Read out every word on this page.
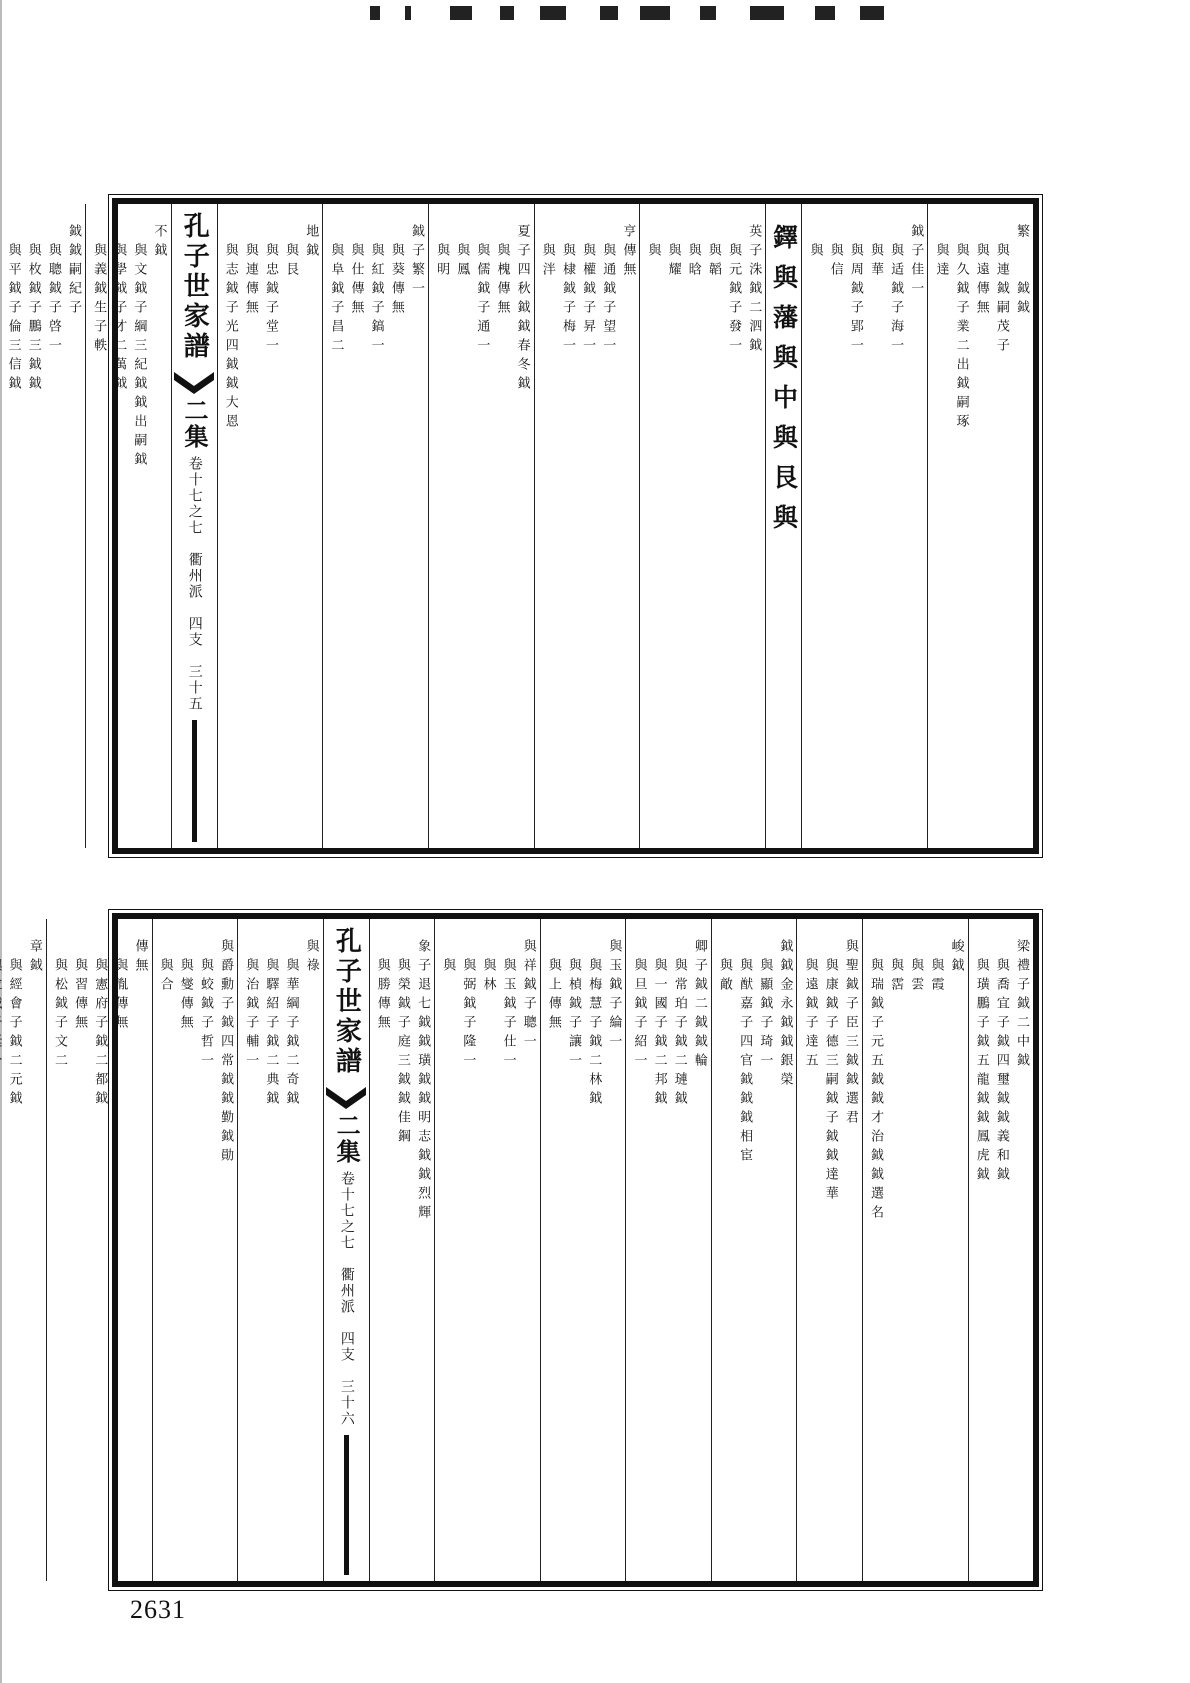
繁　　鉞鉞
　與連鉞嗣茂子
　與遠傳無
　與久鉞子業二出鉞嗣琢
　與達
鉞子佳一
　與适鉞子海一
　與華
　與周鉞子郢一
　與信
　與
鐸與藩與中與艮與
英子洙鉞二泗鉞
　與元鉞子發一
　與韜
　與晗
　與耀
　與
亨傳無
　與通鉞子望一
　與權鉞子昇一
　與棣鉞子梅一
　與泮
夏子四秋鉞鉞春冬鉞
　與槐傳無
　與儒鉞子通一
　與鳳
　與明
鉞子繁一
　與葵傳無
　與紅鉞子鎬一
　與仕傳無
　與阜鉞子昌二
地鉞
　與艮
　與忠鉞子堂一
　與連傳無
　與志鉞子光四鉞鉞大恩
孔子世家譜
二集
卷十七之七　衢州派　四支　三十五
不鉞
　與文鉞子綱三紀鉞鉞出嗣鉞
　與學鉞子才二萬鉞
　與義鉞生子軼
鉞鉞嗣紀子
　與聰鉞子啓一
　與枚鉞子鵬三鉞鉞
　與平鉞子倫三信鉞
梁禮子鉞二中鉞
　與喬宜子鉞四璽鉞鉞義和鉞
　與璜鵬子鉞五龍鉞鉞鳳虎鉞
峻鉞
　與霞
　與雲
　與霑
　與瑞鉞子元五鉞鉞才治鉞鉞選名
與聖鉞子臣三鉞鉞選君
　與康鉞子德三嗣鉞子鉞鉞達華
　與遠鉞子達五
鉞鉞金永鉞鉞銀榮
　與顯鉞子琦一
　與猷嘉子四官鉞鉞鉞相宦
　與敵
卿子鉞二鉞鉞輪
　與常珀子鉞二璉鉞
　與一國子鉞二邦鉞
　與旦鉞子紹一
與玉鉞子綸一
　與梅慧子鉞二林鉞
　與楨鉞子讓一
　與上傳無
與祥鉞子聰一
　與玉鉞子仕一
　與林
　與弼鉞子隆一
　與
象子退七鉞鉞璜鉞鉞明志鉞鉞烈輝
　與榮鉞子庭三鉞鉞佳鋼
　與勝傳無
孔子世家譜
二集
卷十七之七　衢州派　四支　三十六
與祿
　與華綱子鉞二奇鉞
　與驛紹子鉞二典鉞
　與治鉞子輔一
與爵勳子鉞四常鉞鉞勤鉞勛
　與蛟鉞子哲一
　與燮傳無
　與合
傳無
　與胤傳無
　與憲府子鉞二都鉞
　與習傳無
　與松鉞子文二
章鉞
　與經會子鉞二元鉞

2631
